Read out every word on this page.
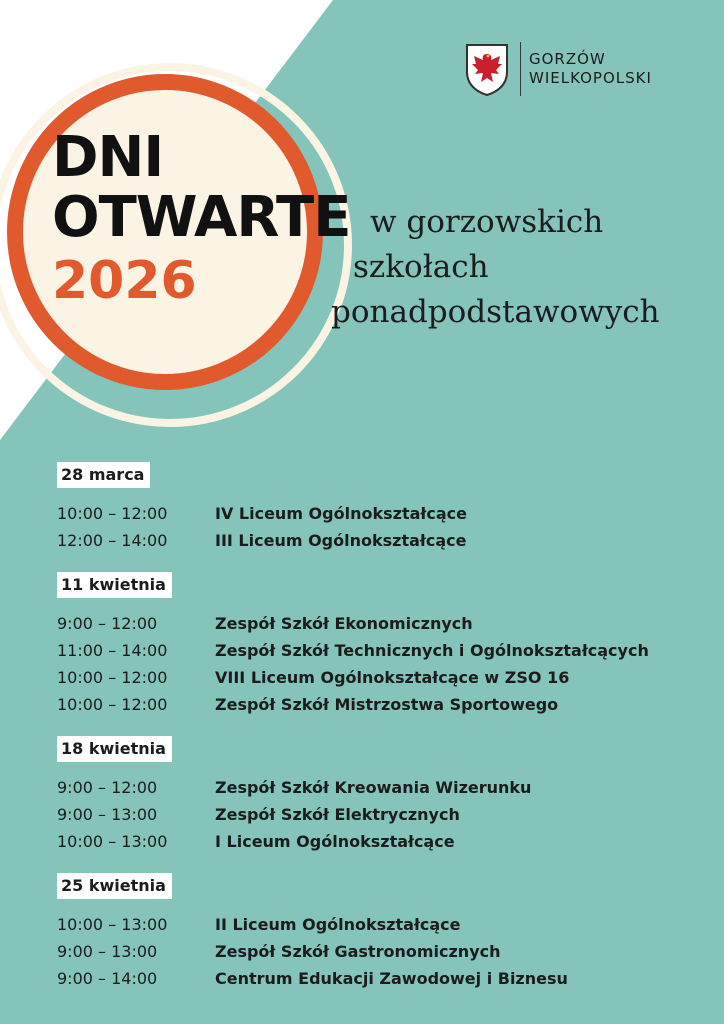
GORZÓW
WIELKOPOLSKI
DNI
OTWARTE
2026
w gorzowskich
szkołach
ponadpodstawowych
28 marca
10:00 – 12:00	IV Liceum Ogólnokształcące
12:00 – 14:00	III Liceum Ogólnokształcące
11 kwietnia
9:00 – 12:00	Zespół Szkół Ekonomicznych
11:00 – 14:00	Zespół Szkół Technicznych i Ogólnokształcących
10:00 – 12:00	VIII Liceum Ogólnokształcące w ZSO 16
10:00 – 12:00	Zespół Szkół Mistrzostwa Sportowego
18 kwietnia
9:00 – 12:00	Zespół Szkół Kreowania Wizerunku
9:00 – 13:00	Zespół Szkół Elektrycznych
10:00 – 13:00	I Liceum Ogólnokształcące
25 kwietnia
10:00 – 13:00	II Liceum Ogólnokształcące
9:00 – 13:00	Zespół Szkół Gastronomicznych
9:00 – 14:00	Centrum Edukacji Zawodowej i Biznesu
